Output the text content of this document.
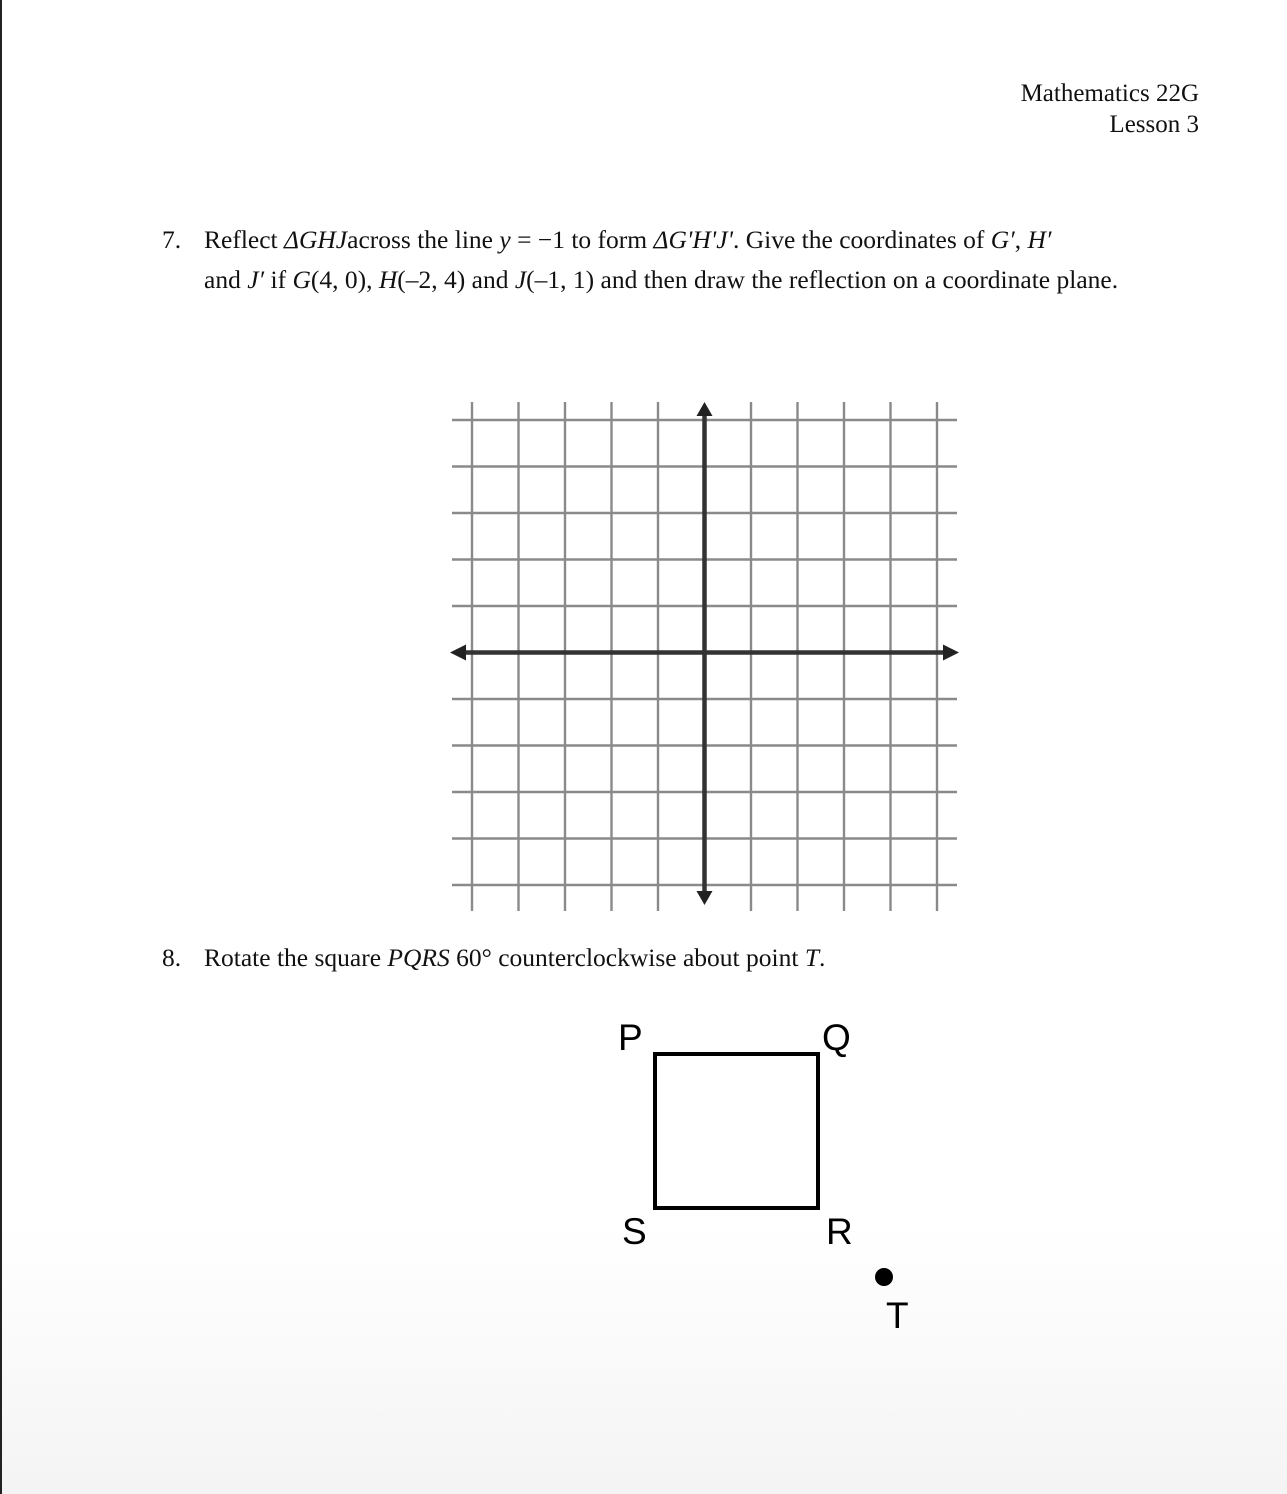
Mathematics 22G
Lesson 3
7. Reflect ΔGHJacross the line y = −1 to form ΔG'H'J'. Give the coordinates of G′, H′
and J′ if G(4, 0), H(–2, 4) and J(–1, 1) and then draw the reflection on a coordinate plane.
8. Rotate the square PQRS 60° counterclockwise about point T.
P	Q
S	R
T
